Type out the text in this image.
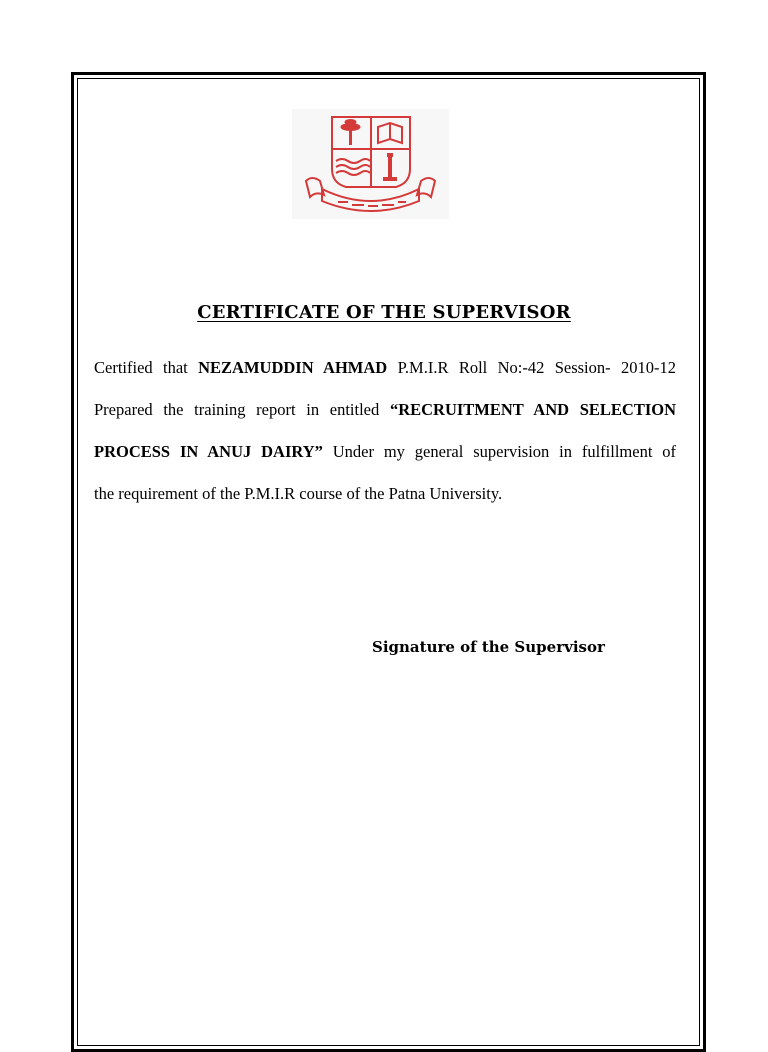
CERTIFICATE OF THE SUPERVISOR
Certified that NEZAMUDDIN AHMAD P.M.I.R Roll No:-42 Session- 2010-12
Prepared the training report in entitled “RECRUITMENT AND SELECTION
PROCESS IN ANUJ DAIRY” Under my general supervision in fulfillment of
the requirement of the P.M.I.R course of the Patna University.
Signature of the Supervisor
